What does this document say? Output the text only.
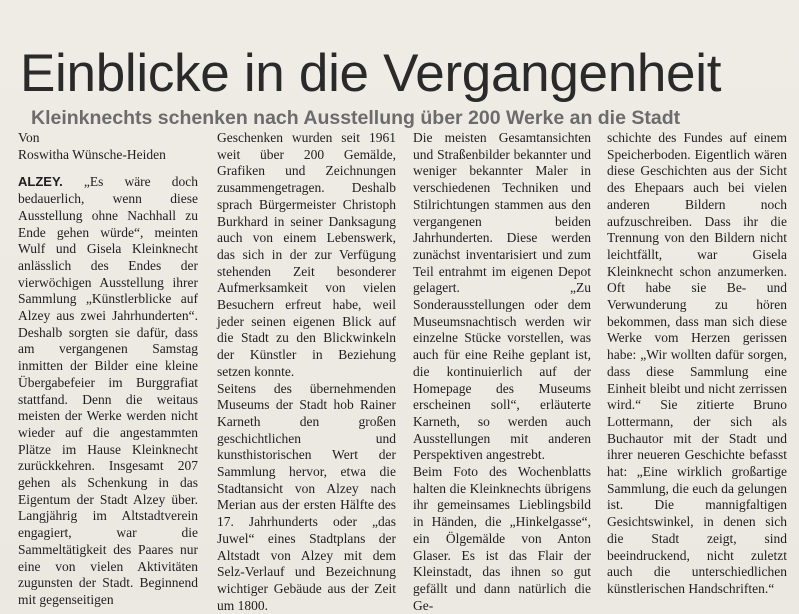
Einblicke in die Vergangenheit
Kleinknechts schenken nach Ausstellung über 200 Werke an die Stadt

Von

Roswitha Wünsche-Heiden

ALZEY. „Es wäre doch bedauerlich, wenn diese Ausstellung ohne Nachhall zu Ende gehen würde“, meinten Wulf und Gisela Kleinknecht anlässlich des Endes der vierwöchigen Ausstellung ihrer Sammlung „Künstlerblicke auf Alzey aus zwei Jahrhunderten“. Deshalb sorgten sie dafür, dass am vergangenen Samstag inmitten der Bilder eine kleine Übergabefeier im Burggrafiat stattfand. Denn die weitaus meisten der Werke werden nicht wieder auf die angestammten Plätze im Hause Kleinknecht zurückkehren. Insgesamt 207 gehen als Schenkung in das Eigentum der Stadt Alzey über. Langjährig im Altstadtverein engagiert, war die Sammeltätigkeit des Paares nur eine von vielen Aktivitäten zugunsten der Stadt. Beginnend mit gegenseitigen

Geschenken wurden seit 1961 weit über 200 Gemälde, Grafiken und Zeichnungen zusammengetragen. Deshalb sprach Bürgermeister Christoph Burkhard in seiner Danksagung auch von einem Lebenswerk, das sich in der zur Verfügung stehenden Zeit besonderer Aufmerksamkeit von vielen Besuchern erfreut habe, weil jeder seinen eigenen Blick auf die Stadt zu den Blickwinkeln der Künstler in Beziehung setzen konnte.

Seitens des übernehmenden Museums der Stadt hob Rainer Karneth den großen geschichtlichen und kunsthistorischen Wert der Sammlung hervor, etwa die Stadtansicht von Alzey nach Merian aus der ersten Hälfte des 17. Jahrhunderts oder „das Juwel“ eines Stadtplans der Altstadt von Alzey mit dem Selz-Verlauf und Bezeichnung wichtiger Gebäude aus der Zeit um 1800.

Die meisten Gesamtansichten und Straßenbilder bekannter und weniger bekannter Maler in verschiedenen Techniken und Stilrichtungen stammen aus den vergangenen beiden Jahrhunderten. Diese werden zunächst inventarisiert und zum Teil entrahmt im eigenen Depot gelagert. „Zu Sonderausstellungen oder dem Museumsnachtisch werden wir einzelne Stücke vorstellen, was auch für eine Reihe geplant ist, die kontinuierlich auf der Homepage des Museums erscheinen soll“, erläuterte Karneth, so werden auch Ausstellungen mit anderen Perspektiven angestrebt.

Beim Foto des Wochenblatts halten die Kleinknechts übrigens ihr gemeinsames Lieblingsbild in Händen, die „Hinkelgasse“, ein Ölgemälde von Anton Glaser. Es ist das Flair der Kleinstadt, das ihnen so gut gefällt und dann natürlich die Ge-

schichte des Fundes auf einem Speicherboden. Eigentlich wären diese Geschichten aus der Sicht des Ehepaars auch bei vielen anderen Bildern noch aufzuschreiben. Dass ihr die Trennung von den Bildern nicht leichtfällt, war Gisela Kleinknecht schon anzumerken. Oft habe sie Be- und Verwunderung zu hören bekommen, dass man sich diese Werke vom Herzen gerissen habe: „Wir wollten dafür sorgen, dass diese Sammlung eine Einheit bleibt und nicht zerrissen wird.“ Sie zitierte Bruno Lottermann, der sich als Buchautor mit der Stadt und ihrer neueren Geschichte befasst hat: „Eine wirklich großartige Sammlung, die euch da gelungen ist. Die mannigfaltigen Gesichtswinkel, in denen sich die Stadt zeigt, sind beeindruckend, nicht zuletzt auch die unterschiedlichen künstlerischen Handschriften.“
